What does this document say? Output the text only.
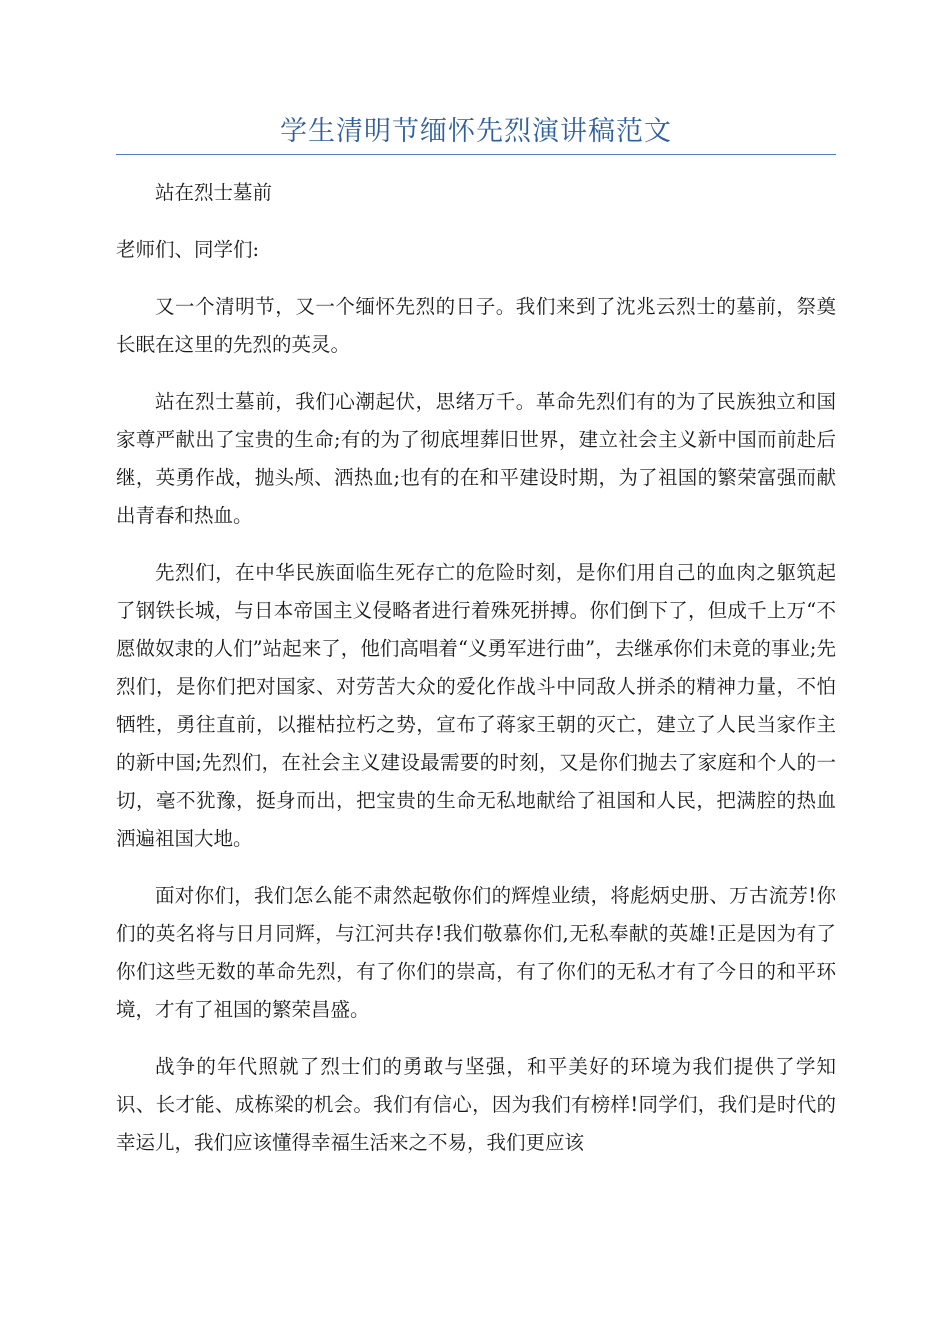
学生清明节缅怀先烈演讲稿范文

站在烈士墓前

老师们、同学们:

又一个清明节，又一个缅怀先烈的日子。我们来到了沈兆云烈士的墓前，祭奠长眠在这里的先烈的英灵。

站在烈士墓前，我们心潮起伏，思绪万千。革命先烈们有的为了民族独立和国家尊严献出了宝贵的生命;有的为了彻底埋葬旧世界，建立社会主义新中国而前赴后继，英勇作战，抛头颅、洒热血;也有的在和平建设时期，为了祖国的繁荣富强而献出青春和热血。

先烈们，在中华民族面临生死存亡的危险时刻，是你们用自己的血肉之躯筑起了钢铁长城，与日本帝国主义侵略者进行着殊死拼搏。你们倒下了，但成千上万“不愿做奴隶的人们”站起来了，他们高唱着“义勇军进行曲”，去继承你们未竟的事业;先烈们，是你们把对国家、对劳苦大众的爱化作战斗中同敌人拼杀的精神力量，不怕牺牲，勇往直前，以摧枯拉朽之势，宣布了蒋家王朝的灭亡，建立了人民当家作主的新中国;先烈们，在社会主义建设最需要的时刻，又是你们抛去了家庭和个人的一切，毫不犹豫，挺身而出，把宝贵的生命无私地献给了祖国和人民，把满腔的热血洒遍祖国大地。

面对你们，我们怎么能不肃然起敬你们的辉煌业绩，将彪炳史册、万古流芳!你们的英名将与日月同辉，与江河共存!我们敬慕你们,无私奉献的英雄!正是因为有了你们这些无数的革命先烈，有了你们的崇高，有了你们的无私才有了今日的和平环境，才有了祖国的繁荣昌盛。

战争的年代照就了烈士们的勇敢与坚强，和平美好的环境为我们提供了学知识、长才能、成栋梁的机会。我们有信心，因为我们有榜样!同学们，我们是时代的幸运儿，我们应该懂得幸福生活来之不易，我们更应该
